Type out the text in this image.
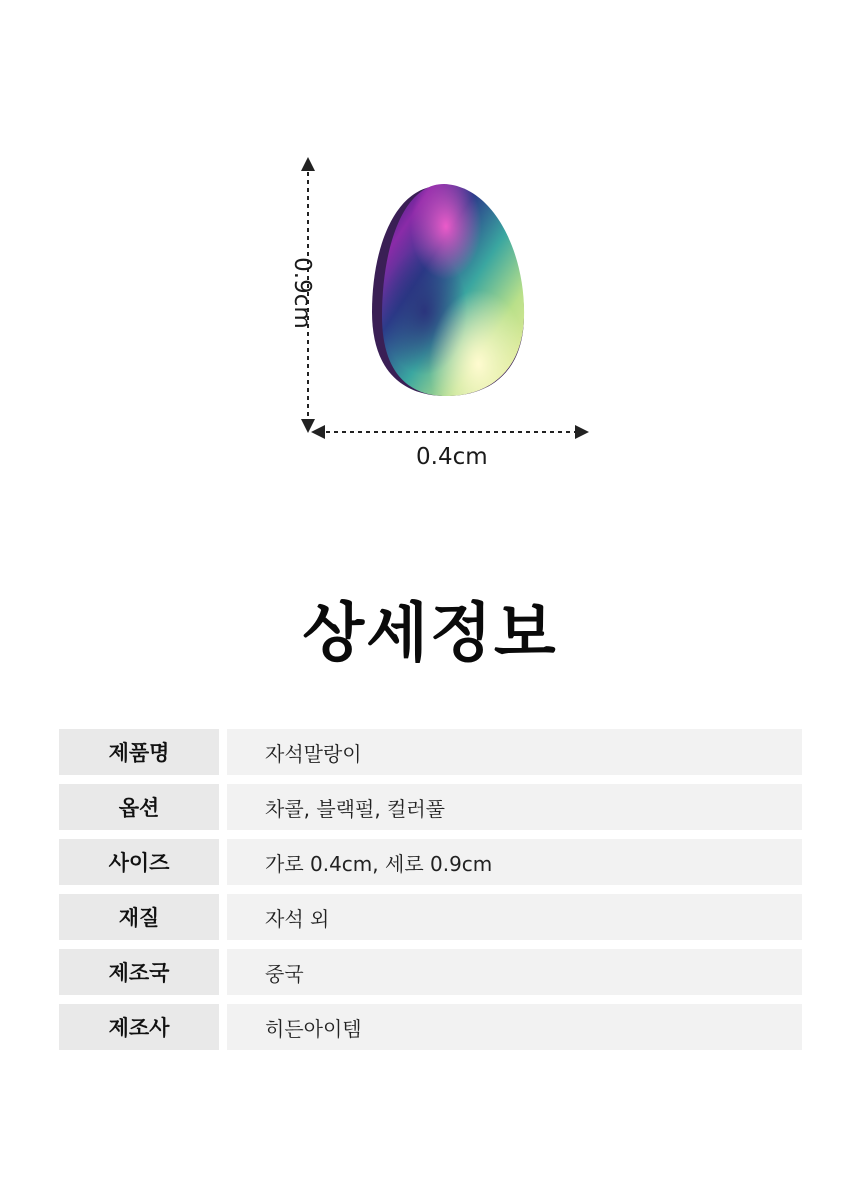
0.9cm
0.4cm
상세정보
제품명	자석말랑이
옵션	차콜, 블랙펄, 컬러풀
사이즈	가로 0.4cm, 세로 0.9cm
재질	자석 외
제조국	중국
제조사	히든아이템
